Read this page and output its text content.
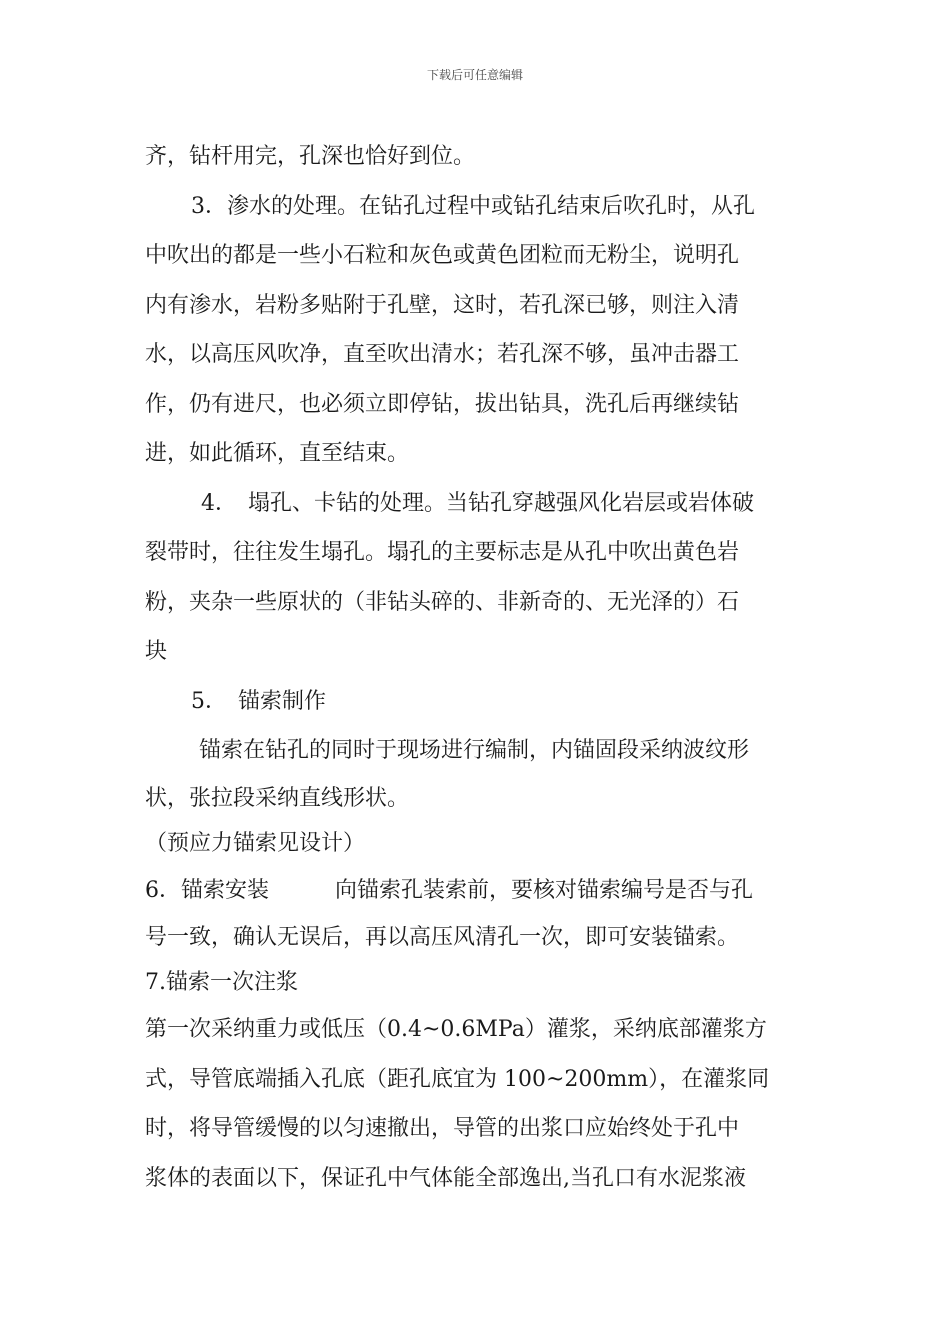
下载后可任意编辑
齐，钻杆用完，孔深也恰好到位。
3．渗水的处理。在钻孔过程中或钻孔结束后吹孔时，从孔
中吹出的都是一些小石粒和灰色或黄色团粒而无粉尘，说明孔
内有渗水，岩粉多贴附于孔壁，这时，若孔深已够，则注入清
水，以高压风吹净，直至吹出清水；若孔深不够，虽冲击器工
作，仍有进尺，也必须立即停钻，拔出钻具，洗孔后再继续钻
进，如此循环，直至结束。
4．　塌孔、卡钻的处理。当钻孔穿越强风化岩层或岩体破
裂带时，往往发生塌孔。塌孔的主要标志是从孔中吹出黄色岩
粉，夹杂一些原状的（非钻头碎的、非新奇的、无光泽的）石
块
5．　锚索制作
锚索在钻孔的同时于现场进行编制，内锚固段采纳波纹形
状，张拉段采纳直线形状。
（预应力锚索见设计）
6．锚索安装　　　向锚索孔装索前，要核对锚索编号是否与孔
号一致，确认无误后，再以高压风清孔一次，即可安装锚索。
7.锚索一次注浆
第一次采纳重力或低压（0.4~0.6MPa）灌浆，采纳底部灌浆方
式，导管底端插入孔底（距孔底宜为 100~200mm），在灌浆同
时，将导管缓慢的以匀速撤出，导管的出浆口应始终处于孔中
浆体的表面以下，保证孔中气体能全部逸出,当孔口有水泥浆液
